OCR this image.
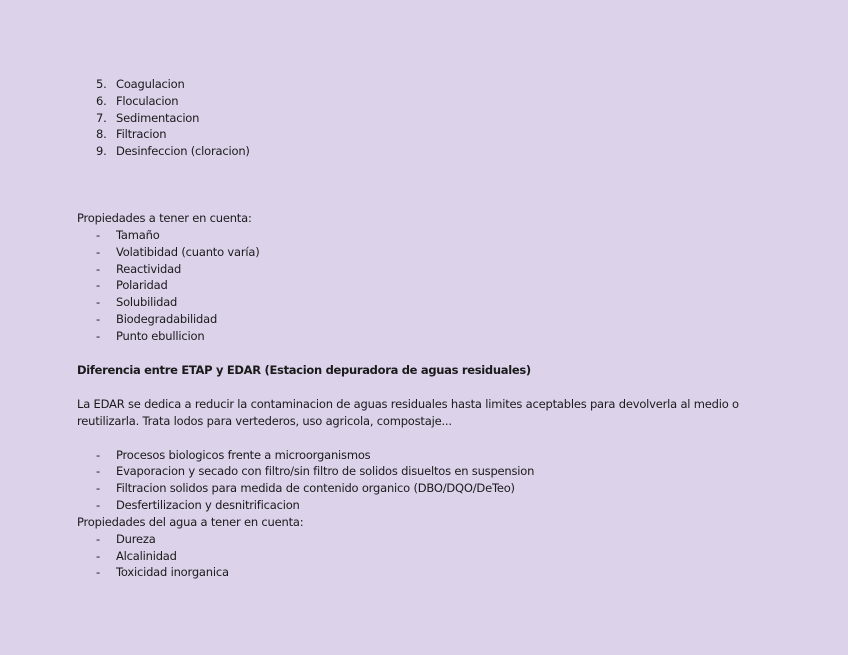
5. Coagulacion
6. Floculacion
7. Sedimentacion
8. Filtracion
9. Desinfeccion (cloracion)
Propiedades a tener en cuenta:
-	Tamaño
-	Volatibidad (cuanto varía)
-	Reactividad
-	Polaridad
-	Solubilidad
-	Biodegradabilidad
-	Punto ebullicion
Diferencia entre ETAP y EDAR (Estacion depuradora de aguas residuales)
La EDAR se dedica a reducir la contaminacion de aguas residuales hasta limites aceptables para devolverla al medio o reutilizarla. Trata lodos para vertederos, uso agricola, compostaje...
-	Procesos biologicos frente a microorganismos
-	Evaporacion y secado con filtro/sin filtro de solidos disueltos en suspension
-	Filtracion solidos para medida de contenido organico (DBO/DQO/DeTeo)
-	Desfertilizacion y desnitrificacion
Propiedades del agua a tener en cuenta:
-	Dureza
-	Alcalinidad
-	Toxicidad inorganica
